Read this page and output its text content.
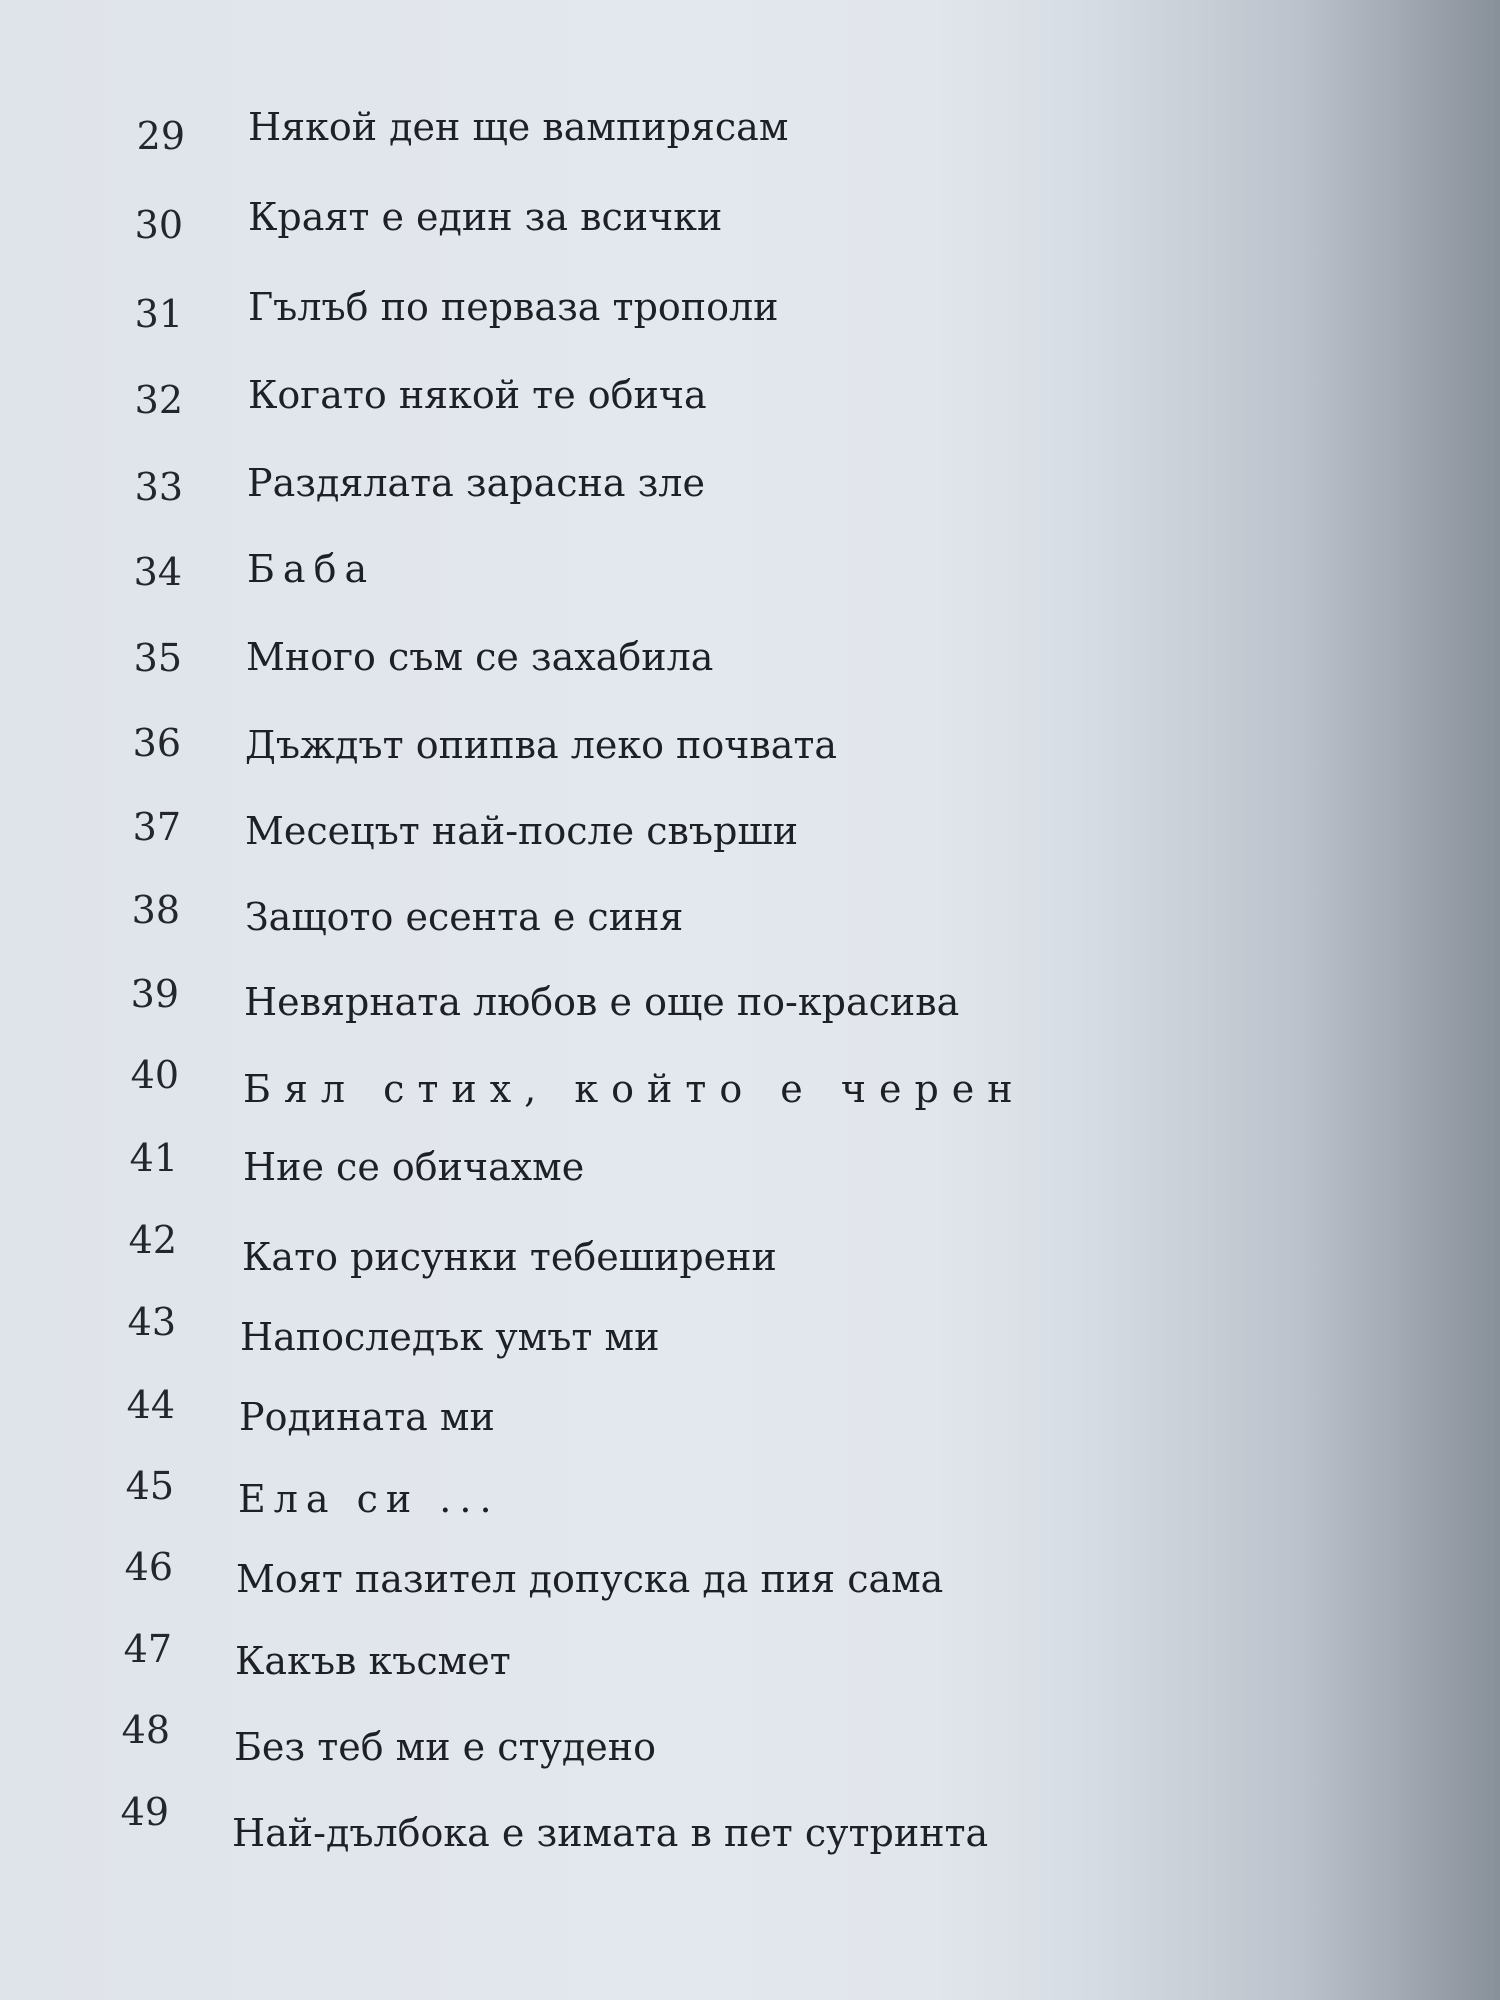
29 Някой ден ще вампирясам
30 Краят е един за всички
31 Гълъб по перваза трополи
32 Когато някой те обича
33 Раздялата зарасна зле
34 Баба
35 Много съм се захабила
36 Дъждът опипва леко почвата
37 Месецът най-после свърши
38 Защото есента е синя
39 Невярната любов е още по-красива
40 Бял стих, който е черен
41 Ние се обичахме
42 Като рисунки тебеширени
43 Напоследък умът ми
44 Родината ми
45 Ела си ...
46 Моят пазител допуска да пия сама
47 Какъв късмет
48 Без теб ми е студено
49 Най-дълбока е зимата в пет сутринта
